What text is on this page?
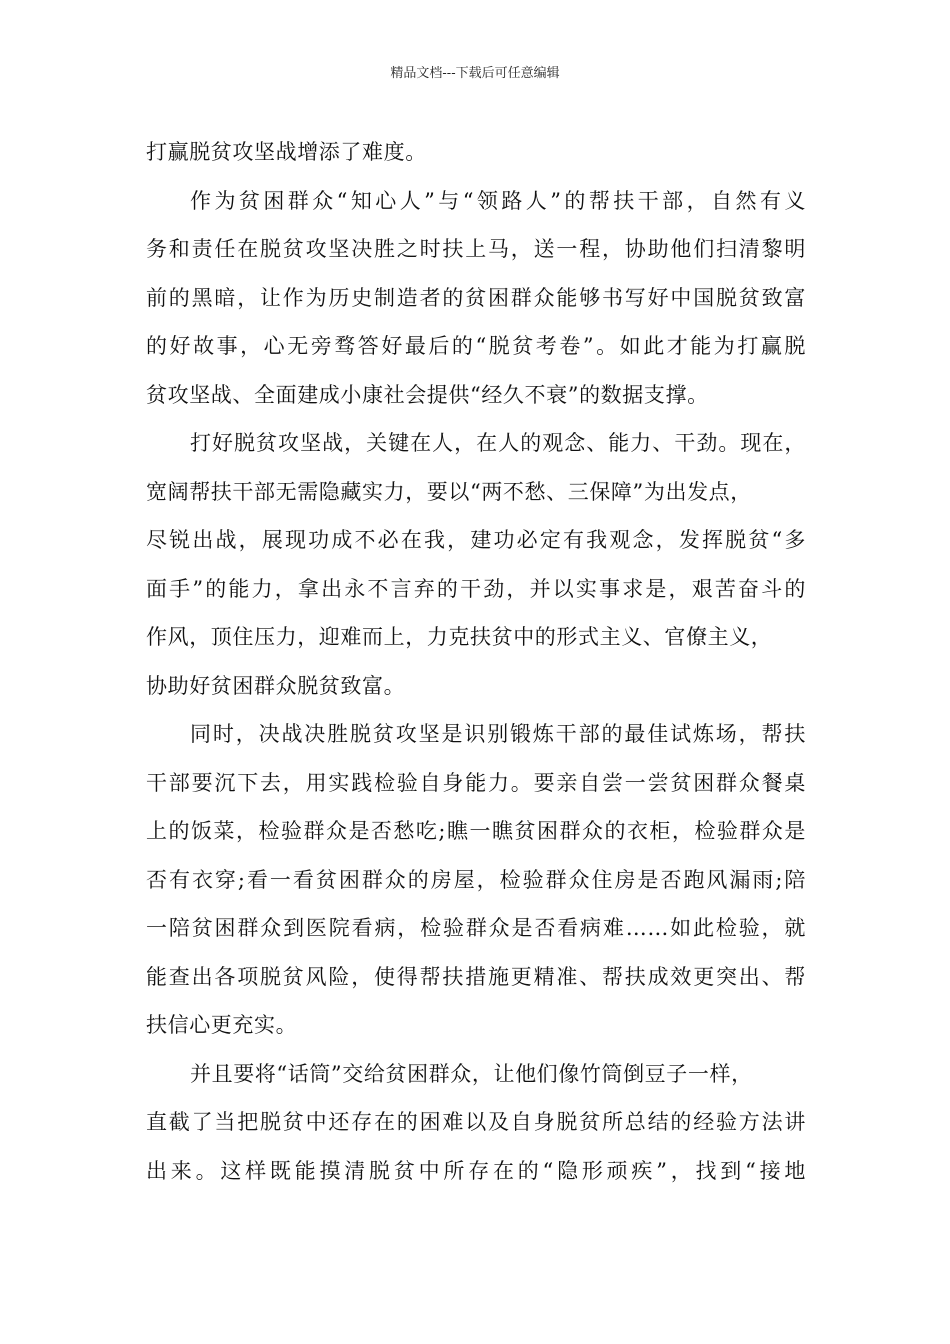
精品文档---下载后可任意编辑
打赢脱贫攻坚战增添了难度。
作为贫困群众“知心人”与“领路人”的帮扶干部，自然有义
务和责任在脱贫攻坚决胜之时扶上马，送一程，协助他们扫清黎明
前的黑暗，让作为历史制造者的贫困群众能够书写好中国脱贫致富
的好故事，心无旁骛答好最后的“脱贫考卷”。如此才能为打赢脱
贫攻坚战、全面建成小康社会提供“经久不衰”的数据支撑。
打好脱贫攻坚战，关键在人，在人的观念、能力、干劲。现在，
宽阔帮扶干部无需隐藏实力，要以“两不愁、三保障”为出发点，
尽锐出战，展现功成不必在我，建功必定有我观念，发挥脱贫“多
面手”的能力，拿出永不言弃的干劲，并以实事求是，艰苦奋斗的
作风，顶住压力，迎难而上，力克扶贫中的形式主义、官僚主义，
协助好贫困群众脱贫致富。
同时，决战决胜脱贫攻坚是识别锻炼干部的最佳试炼场，帮扶
干部要沉下去，用实践检验自身能力。要亲自尝一尝贫困群众餐桌
上的饭菜，检验群众是否愁吃;瞧一瞧贫困群众的衣柜，检验群众是
否有衣穿;看一看贫困群众的房屋，检验群众住房是否跑风漏雨;陪
一陪贫困群众到医院看病，检验群众是否看病难……如此检验，就
能查出各项脱贫风险，使得帮扶措施更精准、帮扶成效更突出、帮
扶信心更充实。
并且要将“话筒”交给贫困群众，让他们像竹筒倒豆子一样，
直截了当把脱贫中还存在的困难以及自身脱贫所总结的经验方法讲
出来。这样既能摸清脱贫中所存在的“隐形顽疾”，找到“接地
